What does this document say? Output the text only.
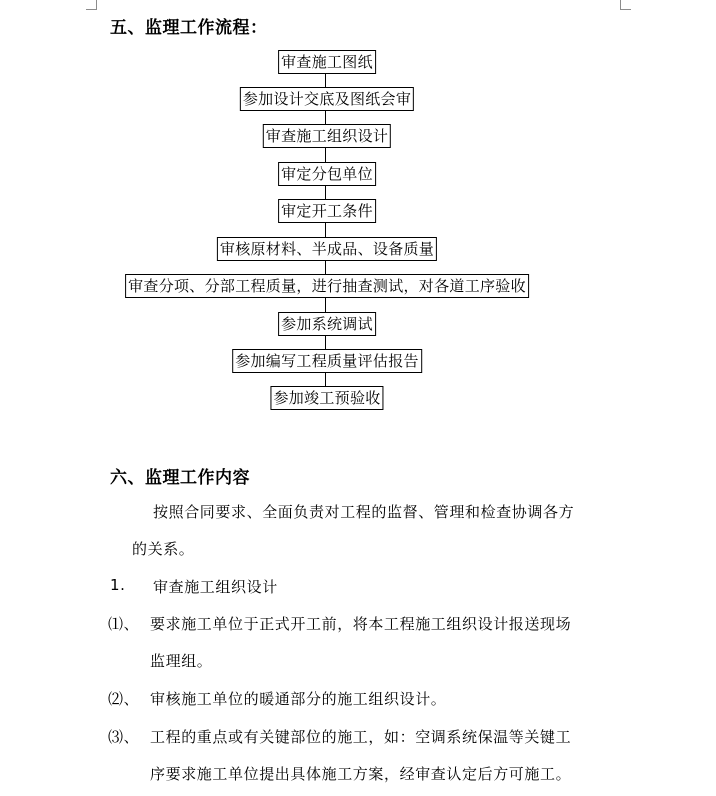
五、监理工作流程：
审查施工图纸
参加设计交底及图纸会审
审查施工组织设计
审定分包单位
审定开工条件
审核原材料、半成品、设备质量
审查分项、分部工程质量，进行抽查测试，对各道工序验收
参加系统调试
参加编写工程质量评估报告
参加竣工预验收
六、监理工作内容
按照合同要求、全面负责对工程的监督、管理和检查协调各方
的关系。
1. 审查施工组织设计
⑴、 要求施工单位于正式开工前，将本工程施工组织设计报送现场
监理组。
⑵、 审核施工单位的暖通部分的施工组织设计。
⑶、 工程的重点或有关键部位的施工，如：空调系统保温等关键工
序要求施工单位提出具体施工方案，经审查认定后方可施工。
